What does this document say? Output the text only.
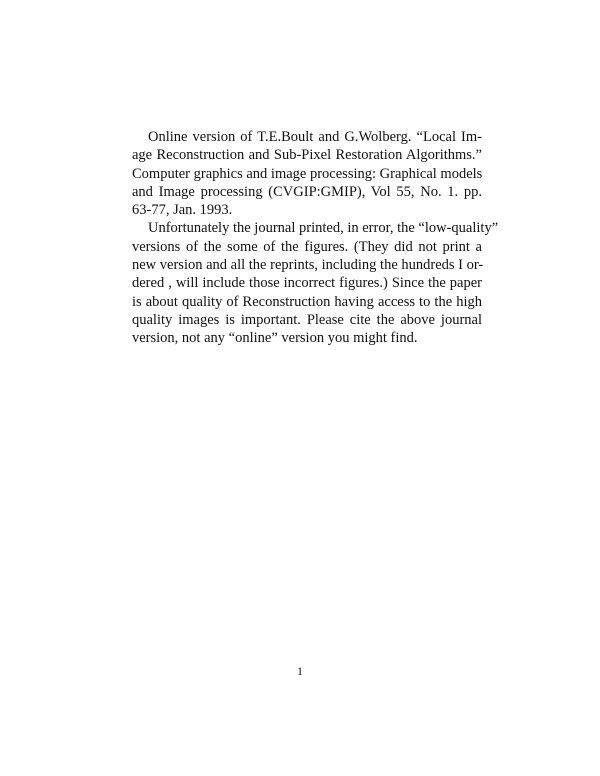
Online version of T.E.Boult and G.Wolberg. “Local Im-
age Reconstruction and Sub-Pixel Restoration Algorithms.”
Computer graphics and image processing: Graphical models
and Image processing (CVGIP:GMIP), Vol 55, No. 1. pp.
63-77, Jan. 1993.
Unfortunately the journal printed, in error, the “low-quality”
versions of the some of the figures. (They did not print a
new version and all the reprints, including the hundreds I or-
dered , will include those incorrect figures.) Since the paper
is about quality of Reconstruction having access to the high
quality images is important. Please cite the above journal
version, not any “online” version you might find.
1
